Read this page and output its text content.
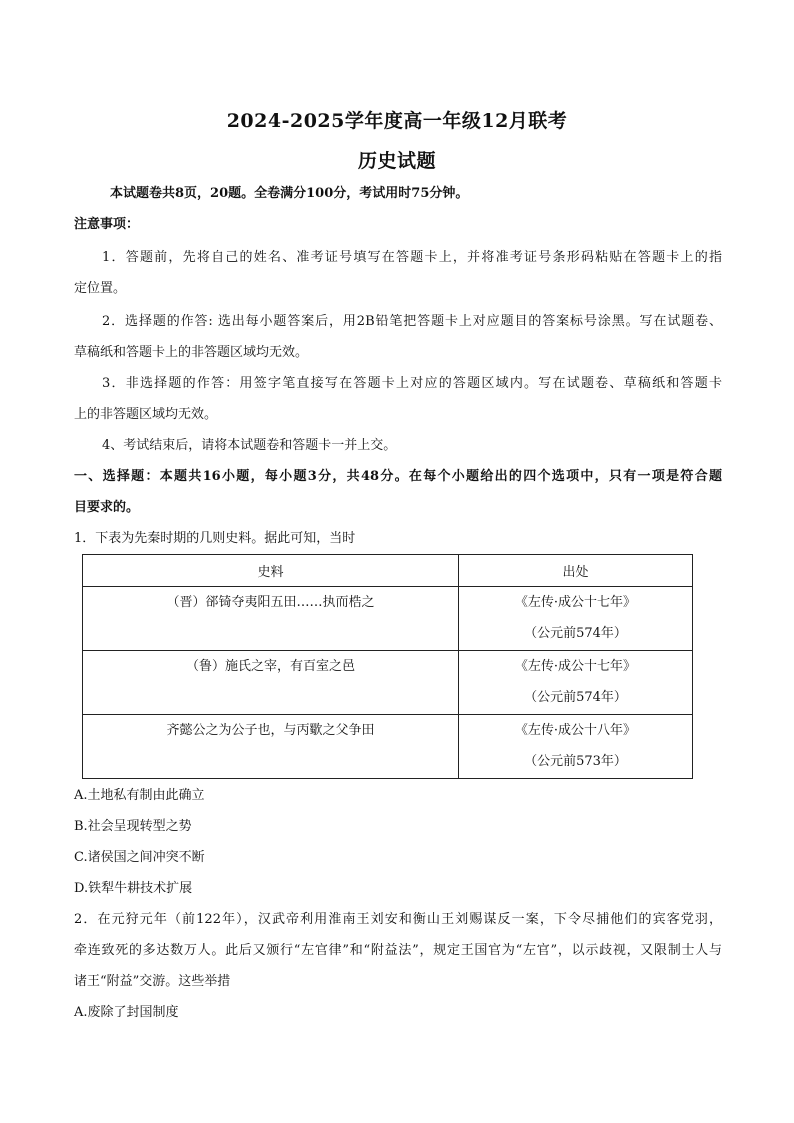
2024-2025学年度高一年级12月联考
历史试题
本试题卷共8页，20题。全卷满分100分，考试用时75分钟。
注意事项：
1．答题前，先将自己的姓名、准考证号填写在答题卡上，并将准考证号条形码粘贴在答题卡上的指
定位置。
2．选择题的作答: 选出每小题答案后，用2B铅笔把答题卡上对应题目的答案标号涂黑。写在试题卷、
草稿纸和答题卡上的非答题区域均无效。
3．非选择题的作答：用签字笔直接写在答题卡上对应的答题区域内。写在试题卷、草稿纸和答题卡
上的非答题区域均无效。
4、考试结束后，请将本试题卷和答题卡一并上交。
一、选择题：本题共16小题，每小题3分，共48分。在每个小题给出的四个选项中，只有一项是符合题
目要求的。
1．下表为先秦时期的几则史料。据此可知，当时
史料	出处

（晋）郤锜夺夷阳五田……执而梏之	《左传·成公十七年》
（公元前574年）

（鲁）施氏之宰，有百室之邑	《左传·成公十七年》
（公元前574年）

齐懿公之为公子也，与丙歜之父争田	《左传·成公十八年》
（公元前573年）
A.土地私有制由此确立
B.社会呈现转型之势
C.诸侯国之间冲突不断
D.铁犁牛耕技术扩展
2．在元狩元年（前122年），汉武帝利用淮南王刘安和衡山王刘赐谋反一案，下令尽捕他们的宾客党羽，
牵连致死的多达数万人。此后又颁行“左官律”和“附益法”，规定王国官为“左官”，以示歧视，又限制士人与
诸王“附益”交游。这些举措
A.废除了封国制度
